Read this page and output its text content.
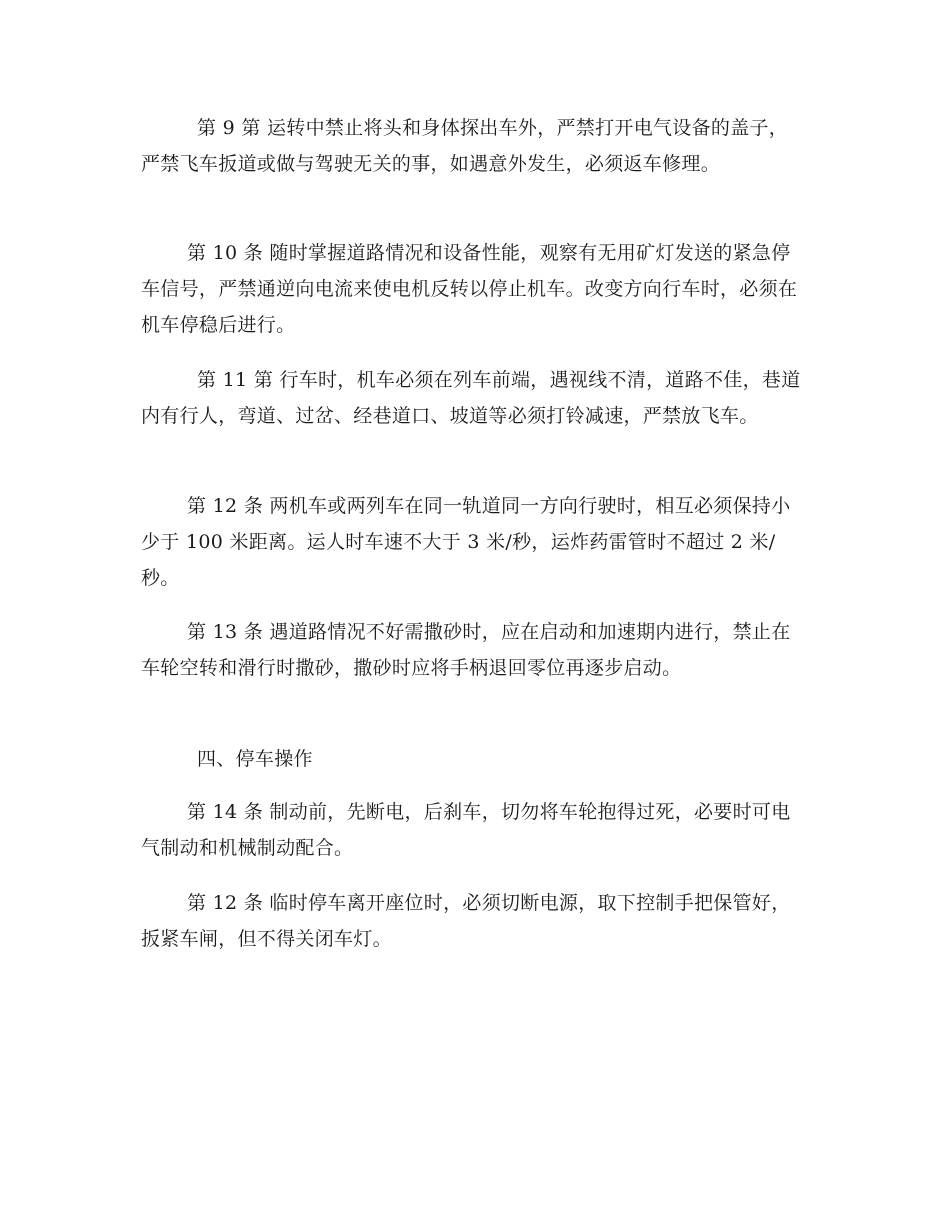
第 9 第 运转中禁止将头和身体探出车外，严禁打开电气设备的盖子，严禁飞车扳道或做与驾驶无关的事，如遇意外发生，必须返车修理。

第 10 条 随时掌握道路情况和设备性能，观察有无用矿灯发送的紧急停车信号，严禁通逆向电流来使电机反转以停止机车。改变方向行车时，必须在机车停稳后进行。

第 11 第 行车时，机车必须在列车前端，遇视线不清，道路不佳，巷道内有行人，弯道、过岔、经巷道口、坡道等必须打铃减速，严禁放飞车。

第 12 条 两机车或两列车在同一轨道同一方向行驶时，相互必须保持小少于 100 米距离。运人时车速不大于 3 米/秒，运炸药雷管时不超过 2 米/秒。

第 13 条 遇道路情况不好需撒砂时，应在启动和加速期内进行，禁止在车轮空转和滑行时撒砂，撒砂时应将手柄退回零位再逐步启动。

四、停车操作

第 14 条 制动前，先断电，后刹车，切勿将车轮抱得过死，必要时可电气制动和机械制动配合。

第 12 条 临时停车离开座位时，必须切断电源，取下控制手把保管好，扳紧车闸，但不得关闭车灯。
